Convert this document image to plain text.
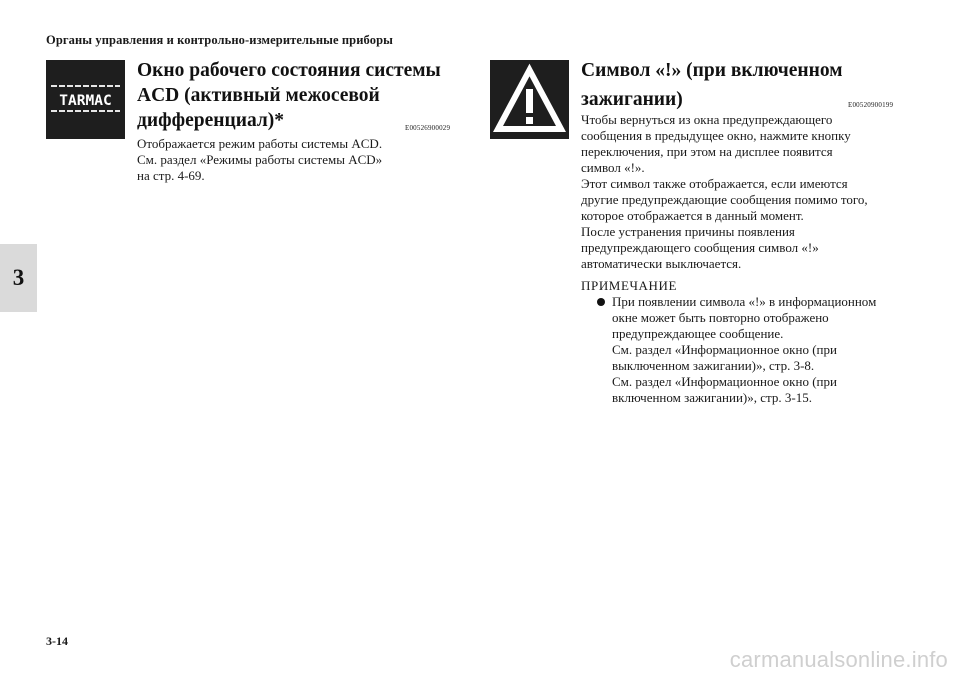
Органы управления и контрольно-измерительные приборы
3
TARMAC
Окно рабочего состояния системы
ACD (активный межосевой
дифференциал)*	E00526900029
Отображается режим работы системы ACD.
См. раздел «Режимы работы системы ACD»
на стр. 4-69.
Символ «!» (при включенном
зажигании)	E00520900199
Чтобы вернуться из окна предупреждающего
сообщения в предыдущее окно, нажмите кнопку
переключения, при этом на дисплее появится
символ «!».
Этот символ также отображается, если имеются
другие предупреждающие сообщения помимо того,
которое отображается в данный момент.
После устранения причины появления
предупреждающего сообщения символ «!»
автоматически выключается.
ПРИМЕЧАНИЕ
При появлении символа «!» в информационном
окне может быть повторно отображено
предупреждающее сообщение.
См. раздел «Информационное окно (при
выключенном зажигании)», стр. 3-8.
См. раздел «Информационное окно (при
включенном зажигании)», стр. 3-15.
3-14
carmanualsonline.info
